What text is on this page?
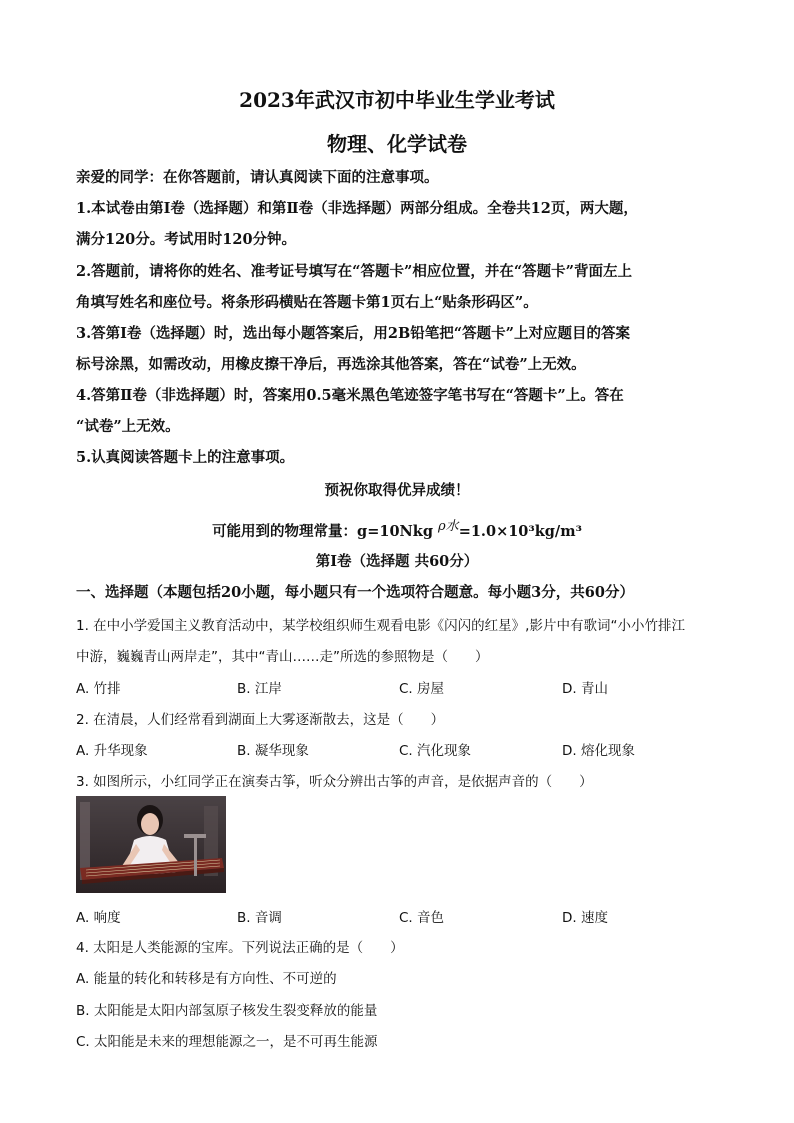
2023年武汉市初中毕业生学业考试
物理、化学试卷
亲爱的同学：在你答题前，请认真阅读下面的注意事项。
1.本试卷由第Ⅰ卷（选择题）和第Ⅱ卷（非选择题）两部分组成。全卷共12页，两大题，
满分120分。考试用时120分钟。
2.答题前，请将你的姓名、准考证号填写在“答题卡”相应位置，并在“答题卡”背面左上
角填写姓名和座位号。将条形码横贴在答题卡第1页右上“贴条形码区”。
3.答第Ⅰ卷（选择题）时，选出每小题答案后，用2B铅笔把“答题卡”上对应题目的答案
标号涂黑，如需改动，用橡皮擦干净后，再选涂其他答案，答在“试卷”上无效。
4.答第Ⅱ卷（非选择题）时，答案用0.5毫米黑色笔迹签字笔书写在“答题卡”上。答在
“试卷”上无效。
5.认真阅读答题卡上的注意事项。
预祝你取得优异成绩！
可能用到的物理常量：g=10Nkg ρ水=1.0×10³kg/m³
第Ⅰ卷（选择题 共60分）
一、选择题（本题包括20小题，每小题只有一个选项符合题意。每小题3分，共60分）
1. 在中小学爱国主义教育活动中，某学校组织师生观看电影《闪闪的红星》,影片中有歌词“小小竹排江
中游，巍巍青山两岸走”，其中“青山……走”所选的参照物是（　　）
A. 竹排	B. 江岸	C. 房屋	D. 青山
2. 在清晨，人们经常看到湖面上大雾逐渐散去，这是（　　）
A. 升华现象	B. 凝华现象	C. 汽化现象	D. 熔化现象
3. 如图所示，小红同学正在演奏古筝，听众分辨出古筝的声音，是依据声音的（　　）
A. 响度	B. 音调	C. 音色	D. 速度
4. 太阳是人类能源的宝库。下列说法正确的是（　　）
A. 能量的转化和转移是有方向性、不可逆的
B. 太阳能是太阳内部氢原子核发生裂变释放的能量
C. 太阳能是未来的理想能源之一，是不可再生能源
